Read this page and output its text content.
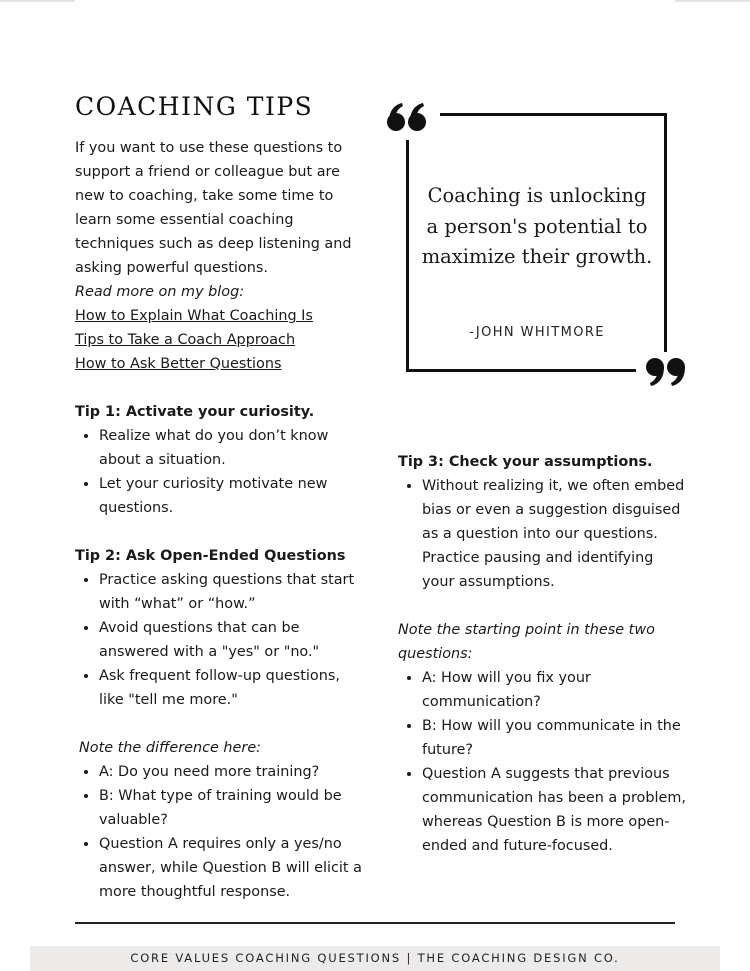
COACHING TIPS

If you want to use these questions to support a friend or colleague but are new to coaching, take some time to learn some essential coaching techniques such as deep listening and asking powerful questions.

Read more on my blog:

How to Explain What Coaching Is
Tips to Take a Coach Approach
How to Ask Better Questions

Tip 1: Activate your curiosity.

• Realize what do you don’t know about a situation.
• Let your curiosity motivate new questions.

Tip 2: Ask Open-Ended Questions

• Practice asking questions that start with “what” or “how.”
• Avoid questions that can be answered with a "yes" or "no."
• Ask frequent follow-up questions, like "tell me more."

Note the difference here:

• A: Do you need more training?
• B: What type of training would be valuable?
• Question A requires only a yes/no answer, while Question B will elicit a more thoughtful response.
Coaching is unlocking a person's potential to maximize their growth.
-JOHN WHITMORE

Tip 3: Check your assumptions.

• Without realizing it, we often embed bias or even a suggestion disguised as a question into our questions. Practice pausing and identifying your assumptions.

Note the starting point in these two questions:

• A: How will you fix your communication?
• B: How will you communicate in the future?
• Question A suggests that previous communication has been a problem, whereas Question B is more open-ended and future-focused.
CORE VALUES COACHING QUESTIONS | THE COACHING DESIGN CO.
